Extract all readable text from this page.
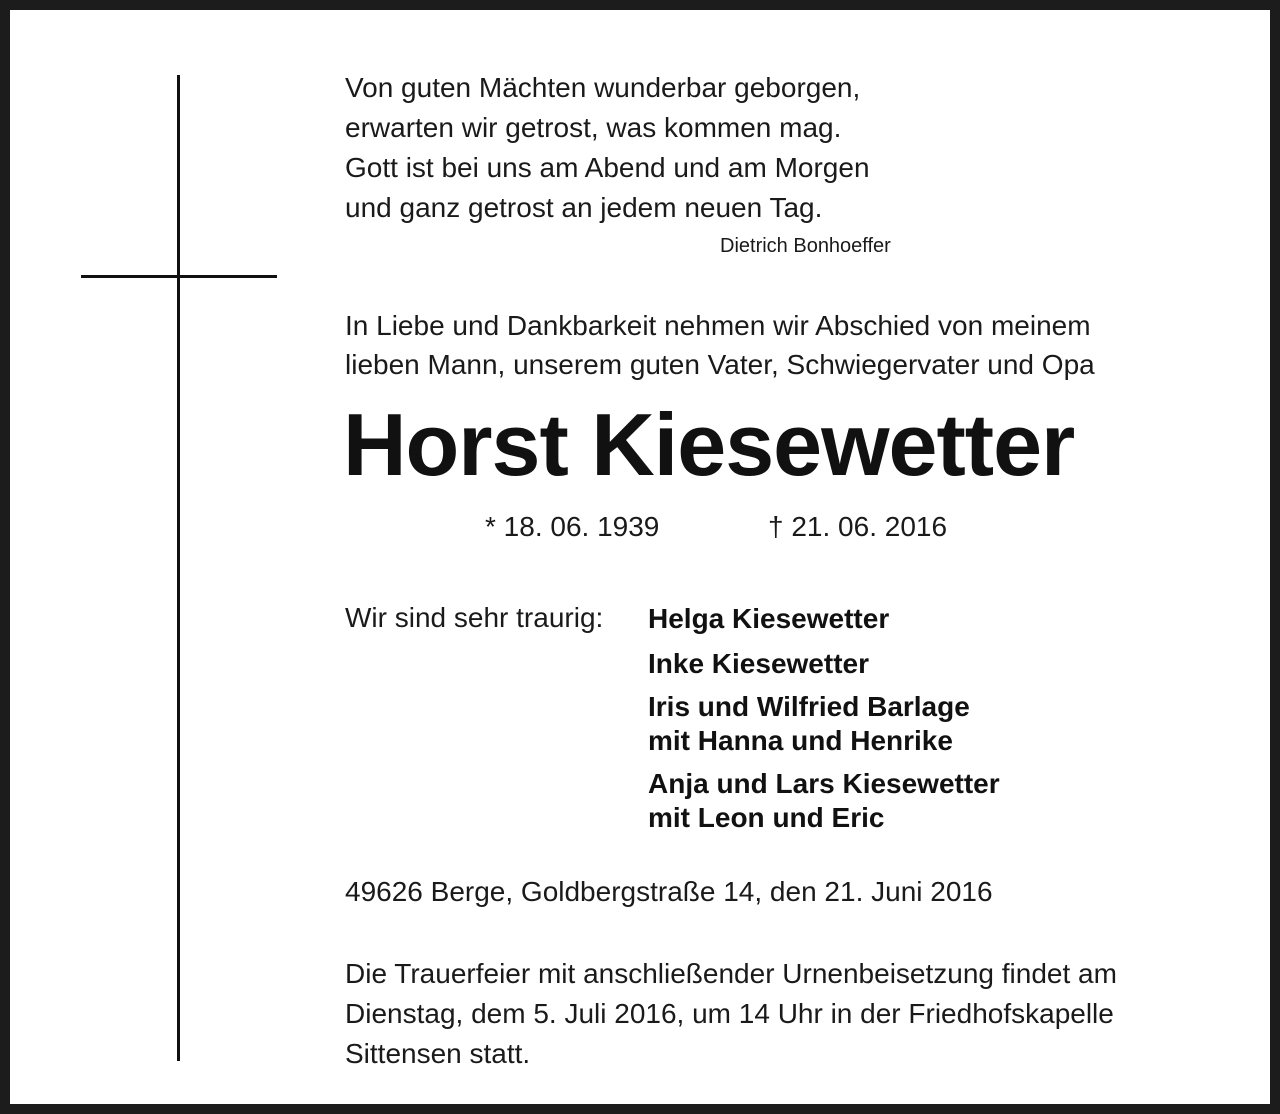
Von guten Mächten wunderbar geborgen,
erwarten wir getrost, was kommen mag.
Gott ist bei uns am Abend und am Morgen
und ganz getrost an jedem neuen Tag.
Dietrich Bonhoeffer
In Liebe und Dankbarkeit nehmen wir Abschied von meinem
lieben Mann, unserem guten Vater, Schwiegervater und Opa
Horst Kiesewetter
* 18. 06. 1939	† 21. 06. 2016
Wir sind sehr traurig: Helga Kiesewetter
Inke Kiesewetter
Iris und Wilfried Barlage
mit Hanna und Henrike
Anja und Lars Kiesewetter
mit Leon und Eric
49626 Berge, Goldbergstraße 14, den 21. Juni 2016
Die Trauerfeier mit anschließender Urnenbeisetzung findet am
Dienstag, dem 5. Juli 2016, um 14 Uhr in der Friedhofskapelle
Sittensen statt.
